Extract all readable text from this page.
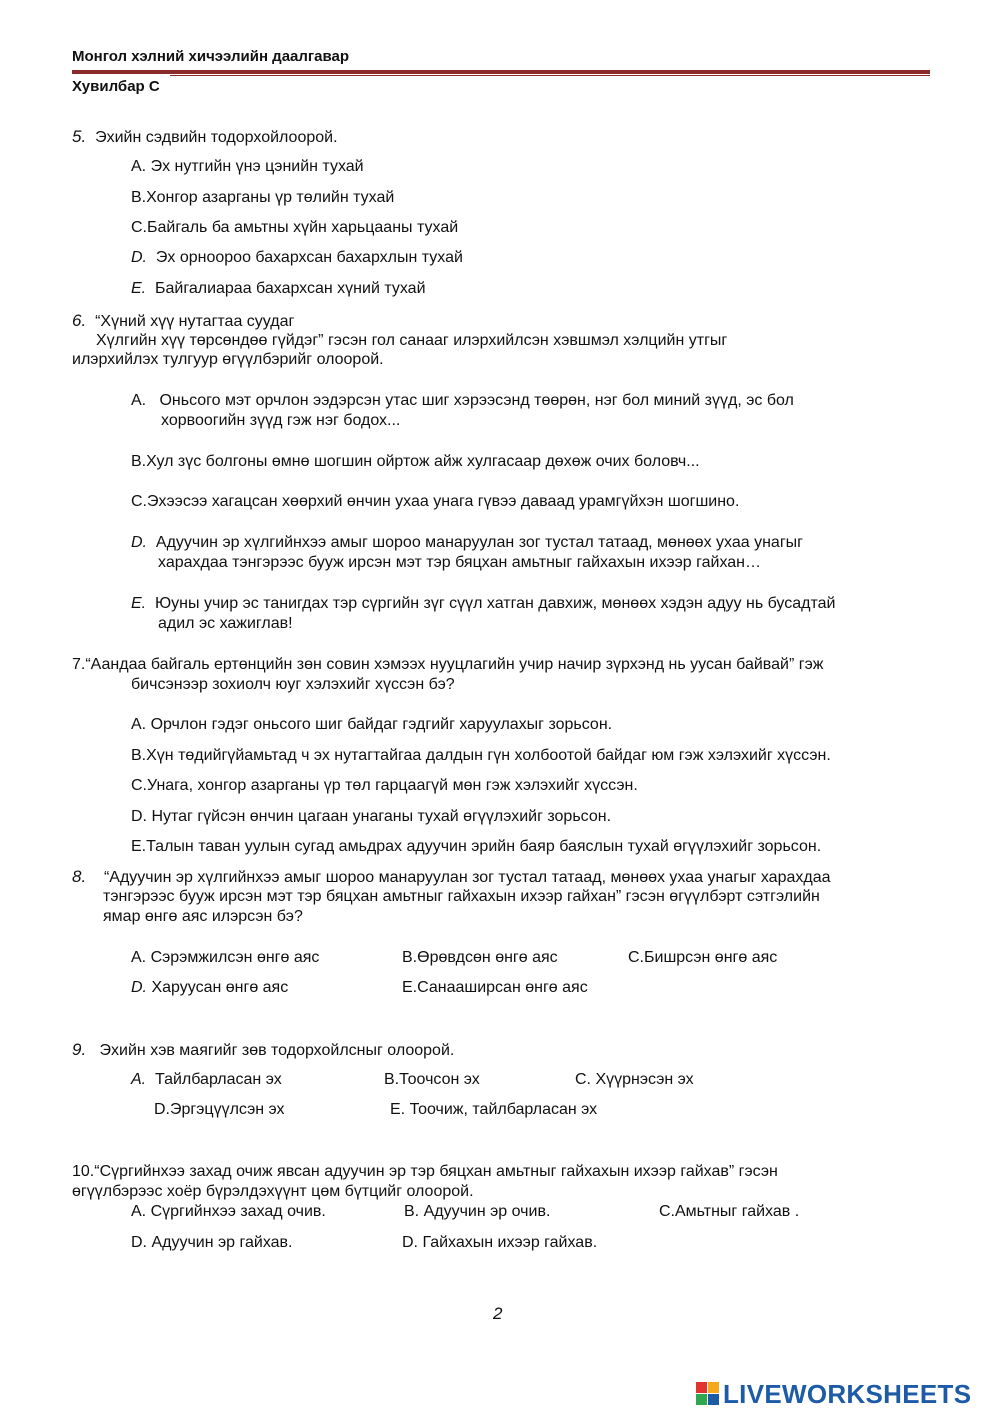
Монгол хэлний хичээлийн даалгавар
Хувилбар С
5. Эхийн сэдвийн тодорхойлоорой.
A. Эх нутгийн үнэ цэнийн тухай
B.Хонгор азарганы үр төлийн тухай
C.Байгаль ба амьтны хүйн харьцааны тухай
D. Эх орноороо бахархсан бахархлын тухай
E. Байгалиараа бахархсан хүний тухай
6. “Хүний хүү нутагтаа суудаг
Хүлгийн хүү төрсөндөө гүйдэг” гэсэн гол санааг илэрхийлсэн хэвшмэл хэлцийн утгыг
илэрхийлэх тулгуур өгүүлбэрийг олоорой.
A. Оньсого мэт орчлон ээдэрсэн утас шиг хэрээсэнд төөрөн, нэг бол миний зүүд, эс бол
хорвоогийн зүүд гэж нэг бодох...
B.Хул зүс болгоны өмнө шогшин ойртож айж хулгасаар дөхөж очих боловч...
C.Эхээсээ хагацсан хөөрхий өнчин ухаа унага гүвээ даваад урамгүйхэн шогшино.
D. Адуучин эр хүлгийнхээ амыг шороо манаруулан зог тустал татаад, мөнөөх ухаа унагыг
харахдаа тэнгэрээс бууж ирсэн мэт тэр бяцхан амьтныг гайхахын ихээр гайхан…
E. Юуны учир эс танигдах тэр сүргийн зүг сүүл хатган давхиж, мөнөөх хэдэн адуу нь бусадтай
адил эс хажиглав!
7.“Аандаа байгаль ертөнцийн зөн совин хэмээх нууцлагийн учир начир зүрхэнд нь уусан байвай” гэж
бичсэнээр зохиолч юуг хэлэхийг хүссэн бэ?
A. Орчлон гэдэг оньсого шиг байдаг гэдгийг харуулахыг зорьсон.
B.Хүн төдийгүйамьтад ч эх нутагтайгаа далдын гүн холбоотой байдаг юм гэж хэлэхийг хүссэн.
C.Унага, хонгор азарганы үр төл гарцаагүй мөн гэж хэлэхийг хүссэн.
D. Нутаг гүйсэн өнчин цагаан унаганы тухай өгүүлэхийг зорьсон.
E.Талын таван уулын сугад амьдрах адуучин эрийн баяр баяслын тухай өгүүлэхийг зорьсон.
8. “Адуучин эр хүлгийнхээ амыг шороо манаруулан зог тустал татаад, мөнөөх ухаа унагыг харахдаа
тэнгэрээс бууж ирсэн мэт тэр бяцхан амьтныг гайхахын ихээр гайхан” гэсэн өгүүлбэрт сэтгэлийн
ямар өнгө аяс илэрсэн бэ?
A. Сэрэмжилсэн өнгө аяс	B.Өрөвдсөн өнгө аяс	C.Бишрсэн өнгө аяс
D. Харуусан өнгө аяс	E.Санааширсан өнгө аяс
9. Эхийн хэв маягийг зөв тодорхойлсныг олоорой.
A. Тайлбарласан эх	B.Тоочсон эх	C. Хүүрнэсэн эх
D.Эргэцүүлсэн эх	E. Тоочиж, тайлбарласан эх
10.“Сүргийнхээ захад очиж явсан адуучин эр тэр бяцхан амьтныг гайхахын ихээр гайхав” гэсэн
өгүүлбэрээс хоёр бүрэлдэхүүнт цөм бүтцийг олоорой.
A. Сүргийнхээ захад очив.	B. Адуучин эр очив.	C.Амьтныг гайхав .
D. Адуучин эр гайхав.	D. Гайхахын ихээр гайхав.
2
LIVEWORKSHEETS
